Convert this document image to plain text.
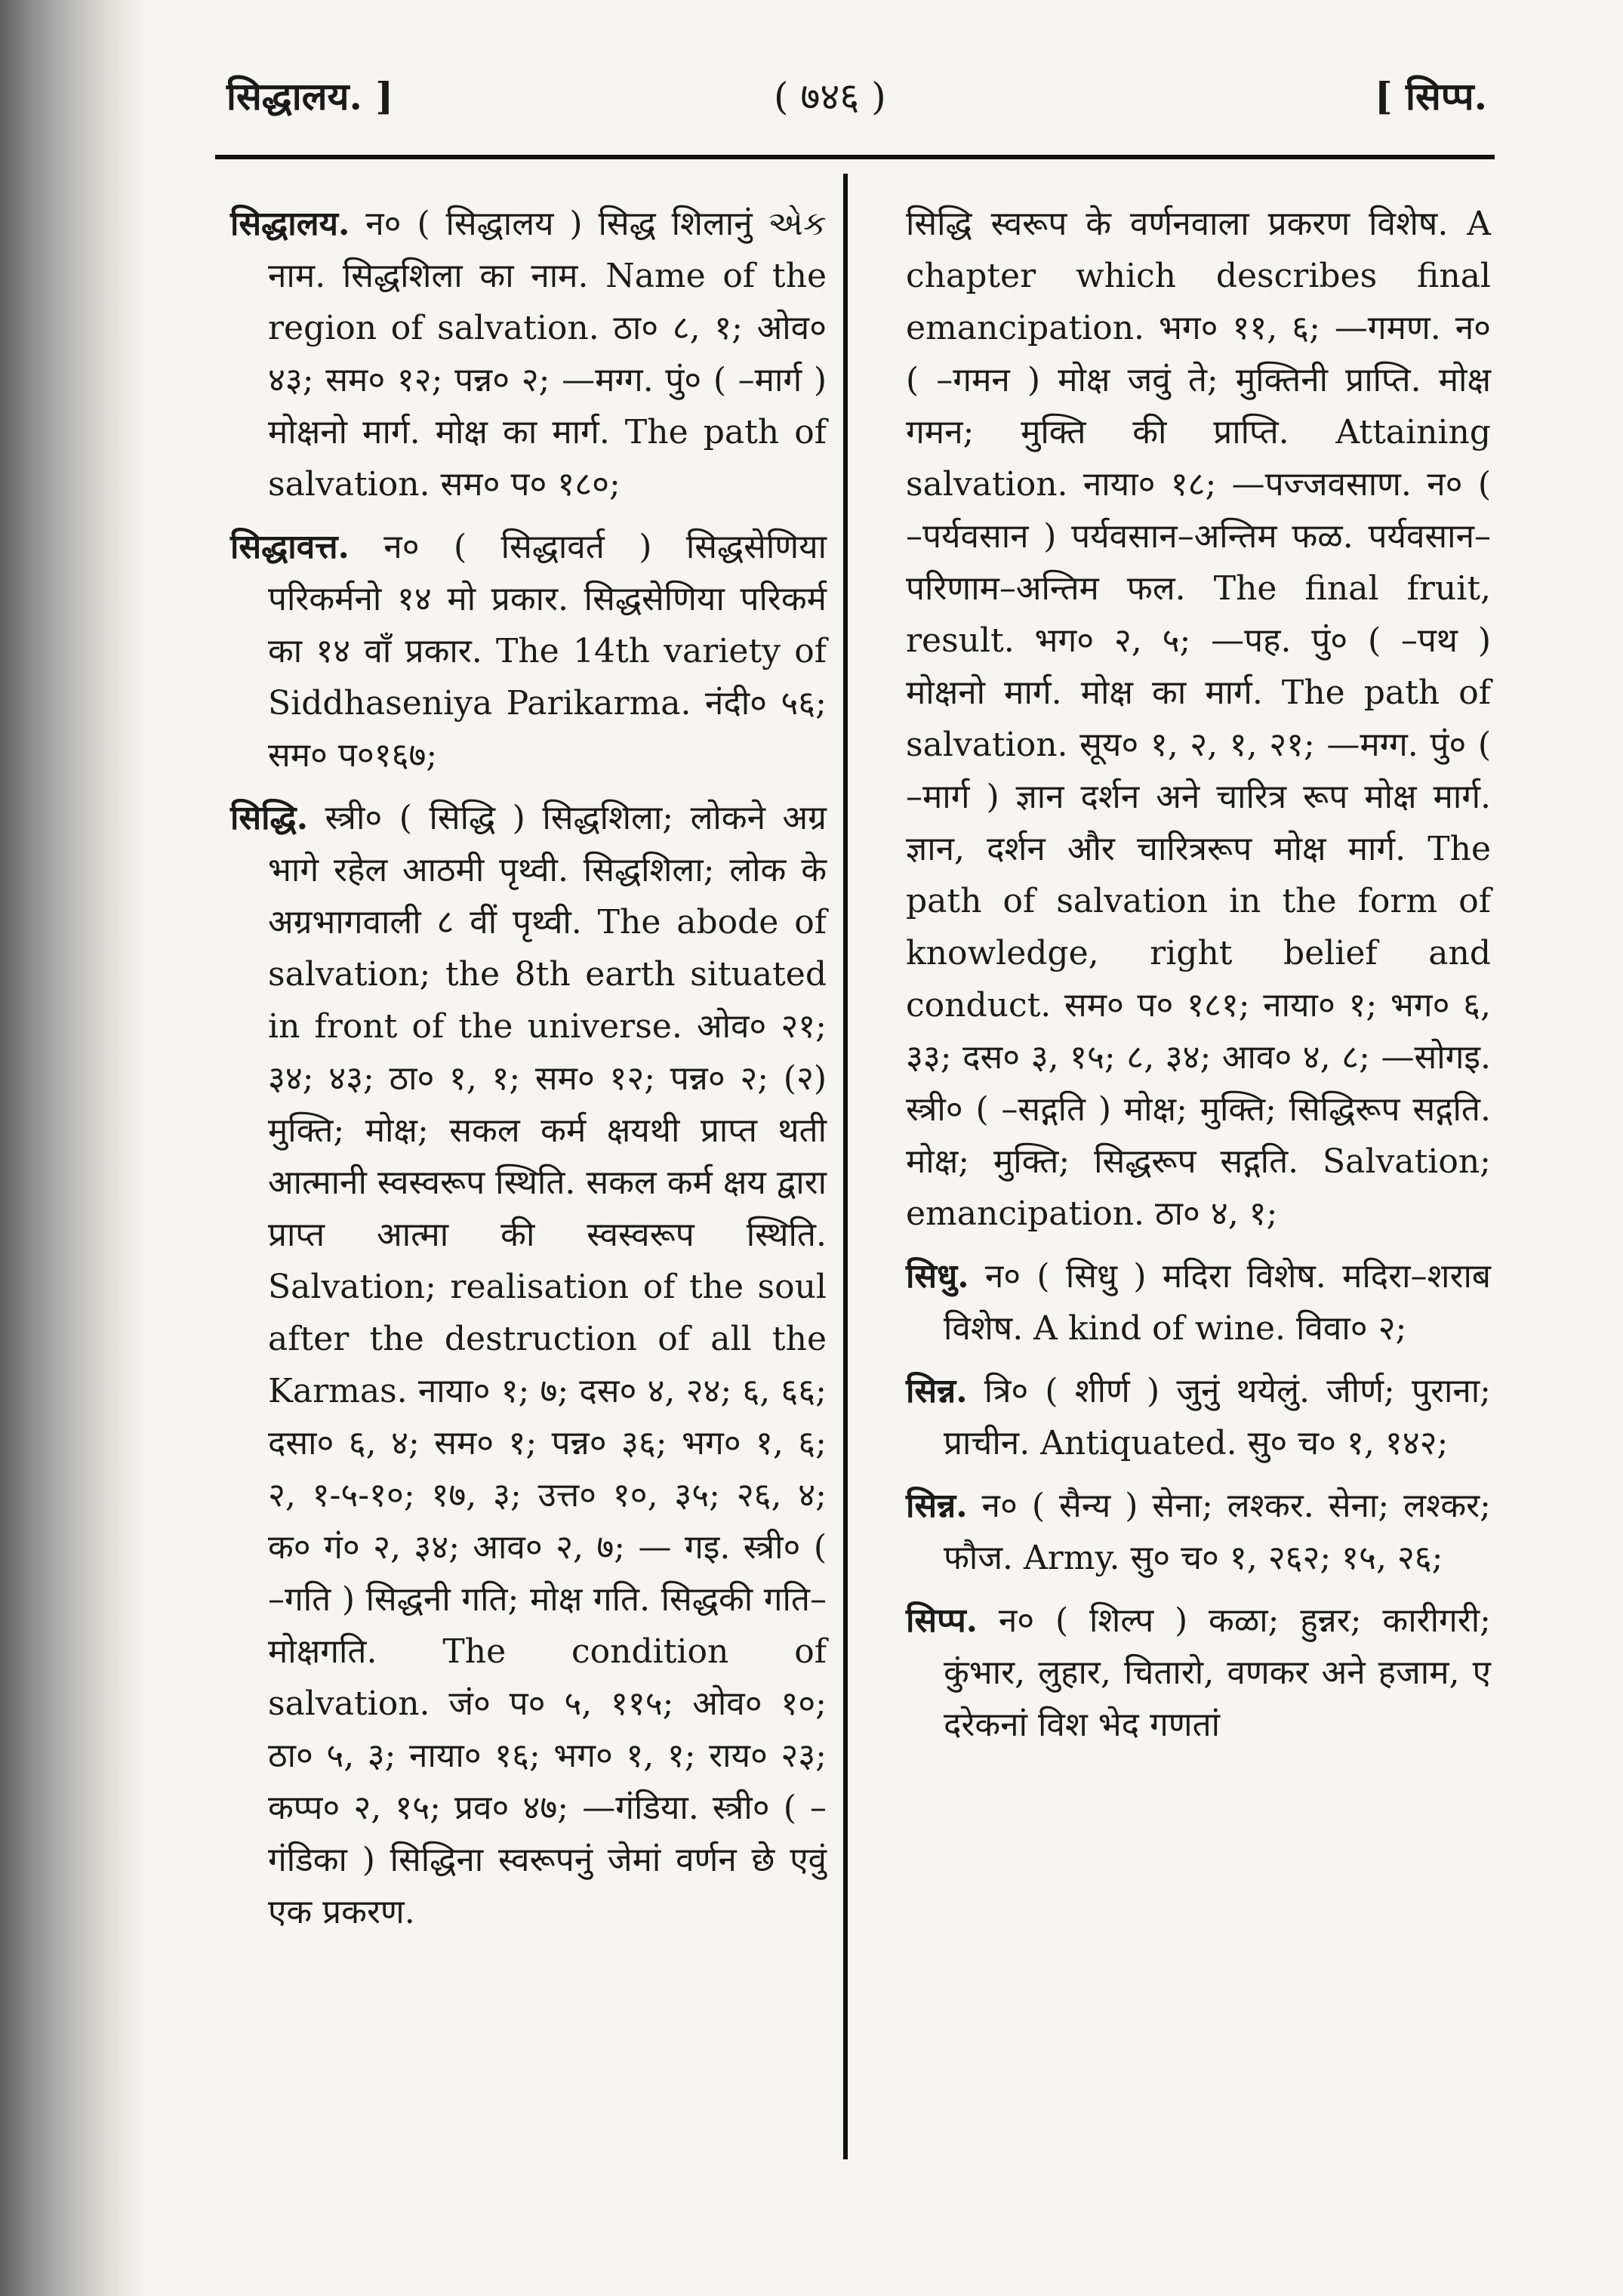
सिद्धालय. ]	( ७४६ )	[ सिप्प.

सिद्धालय. न० ( सिद्धालय ) सिद्ध शिलानुं એક नाम. सिद्धशिला का नाम. Name of the region of salvation. ठा० ८, १; ओव० ४३; सम० १२; पन्न० २; —मग्ग. पुं० ( –मार्ग ) मोक्षनो मार्ग. मोक्ष का मार्ग. The path of salvation. सम० प० १८०;

सिद्धावत्त. न० ( सिद्धावर्त ) सिद्धसेणिया परिकर्मनो १४ मो प्रकार. सिद्धसेणिया परिकर्म का १४ वाँ प्रकार. The 14th variety of Siddhaseniya Parikarma. नंदी० ५६; सम० प०१६७;

सिद्धि. स्त्री० ( सिद्धि ) सिद्धशिला; लोकने अग्र भागे रहेल आठमी पृथ्वी. सिद्धशिला; लोक के अग्रभागवाली ८ वीं पृथ्वी. The abode of salvation; the 8th earth situated in front of the universe. ओव० २१; ३४; ४३; ठा० १, १; सम० १२; पन्न० २; (२) मुक्ति; मोक्ष; सकल कर्म क्षयथी प्राप्त थती आत्मानी स्वस्वरूप स्थिति. सकल कर्म क्षय द्वारा प्राप्त आत्मा की स्वस्वरूप स्थिति. Salvation; realisation of the soul after the destruction of all the Karmas. नाया० १; ७; दस० ४, २४; ६, ६६; दसा० ६, ४; सम० १; पन्न० ३६; भग० १, ६; २, १-५-१०; १७, ३; उत्त० १०, ३५; २६, ४; क० गं० २, ३४; आव० २, ७; — गइ. स्त्री० ( –गति ) सिद्धनी गति; मोक्ष गति. सिद्धकी गति–मोक्षगति. The condition of salvation. जं० प० ५, ११५; ओव० १०; ठा० ५, ३; नाया० १६; भग० १, १; राय० २३; कप्प० २, १५; प्रव० ४७; —गंडिया. स्त्री० ( –गंडिका ) सिद्धिना स्वरूपनुं जेमां वर्णन छे एवुं एक प्रकरण.

सिद्धि स्वरूप के वर्णनवाला प्रकरण विशेष. A chapter which describes final emancipation. भग० ११, ६; —गमण. न० ( –गमन ) मोक्ष जवुं ते; मुक्तिनी प्राप्ति. मोक्ष गमन; मुक्ति की प्राप्ति. Attaining salvation. नाया० १८; —पज्जवसाण. न० ( –पर्यवसान ) पर्यवसान–अन्तिम फळ. पर्यवसान–परिणाम–अन्तिम फल. The final fruit, result. भग० २, ५; —पह. पुं० ( –पथ ) मोक्षनो मार्ग. मोक्ष का मार्ग. The path of salvation. सूय० १, २, १, २१; —मग्ग. पुं० ( –मार्ग ) ज्ञान दर्शन अने चारित्र रूप मोक्ष मार्ग. ज्ञान, दर्शन और चारित्ररूप मोक्ष मार्ग. The path of salvation in the form of knowledge, right belief and conduct. सम० प० १८१; नाया० १; भग० ६, ३३; दस० ३, १५; ८, ३४; आव० ४, ८; —सोगइ. स्त्री० ( –सद्गति ) मोक्ष; मुक्ति; सिद्धिरूप सद्गति. मोक्ष; मुक्ति; सिद्धरूप सद्गति. Salvation; emancipation. ठा० ४, १;

सिधु. न० ( सिधु ) मदिरा विशेष. मदिरा–शराब विशेष. A kind of wine. विवा० २;

सिन्न. त्रि० ( शीर्ण ) जुनुं थयेलुं. जीर्ण; पुराना; प्राचीन. Antiquated. सु० च० १, १४२;

सिन्न. न० ( सैन्य ) सेना; लश्कर. सेना; लश्कर; फौज. Army. सु० च० १, २६२; १५, २६;

सिप्प. न० ( शिल्प ) कळा; हुन्नर; कारीगरी; कुंभार, लुहार, चितारो, वणकर अने हजाम, ए दरेकनां विश भेद गणतां
